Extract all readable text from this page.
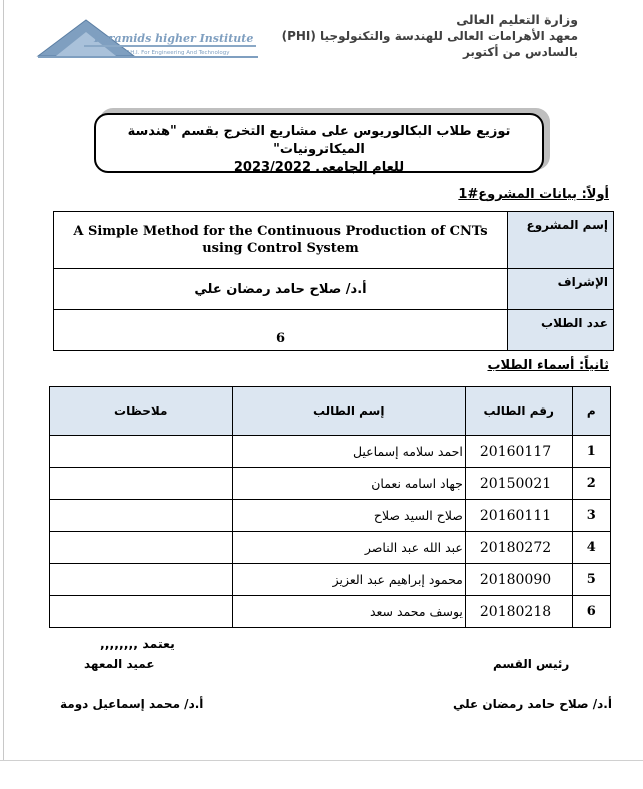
Pyramids higher Institute
P.H.I. For Engineering And Technology
وزارة التعليم العالى
معهد الأهرامات العالى للهندسة والتكنولوجيا (PHI)
بالسادس من أكتوبر
توزيع طلاب البكالوريوس على مشاريع التخرج بقسم "هندسة الميكاترونيات"
للعام الجامعى 2023/2022
أولاً: بيانات المشروع#1
A Simple Method for the Continuous Production of CNTs using Control System	إسم المشروع
أ.د/ صلاح حامد رمضان علي	الإشراف
6	عدد الطلاب
ثانياً: أسماء الطلاب
ملاحظات	إسم الطالب	رقم الطالب	م
	احمد سلامه إسماعيل	20160117	1
	جهاد اسامه نعمان	20150021	2
	صلاح السيد صلاح	20160111	3
	عبد الله عبد الناصر	20180272	4
	محمود إبراهيم عبد العزيز	20180090	5
	يوسف محمد سعد	20180218	6
يعتمد ,,,,,,,,
عميد المعهد
أ.د/ محمد إسماعيل دومة
رئيس القسم
أ.د/ صلاح حامد رمضان علي
